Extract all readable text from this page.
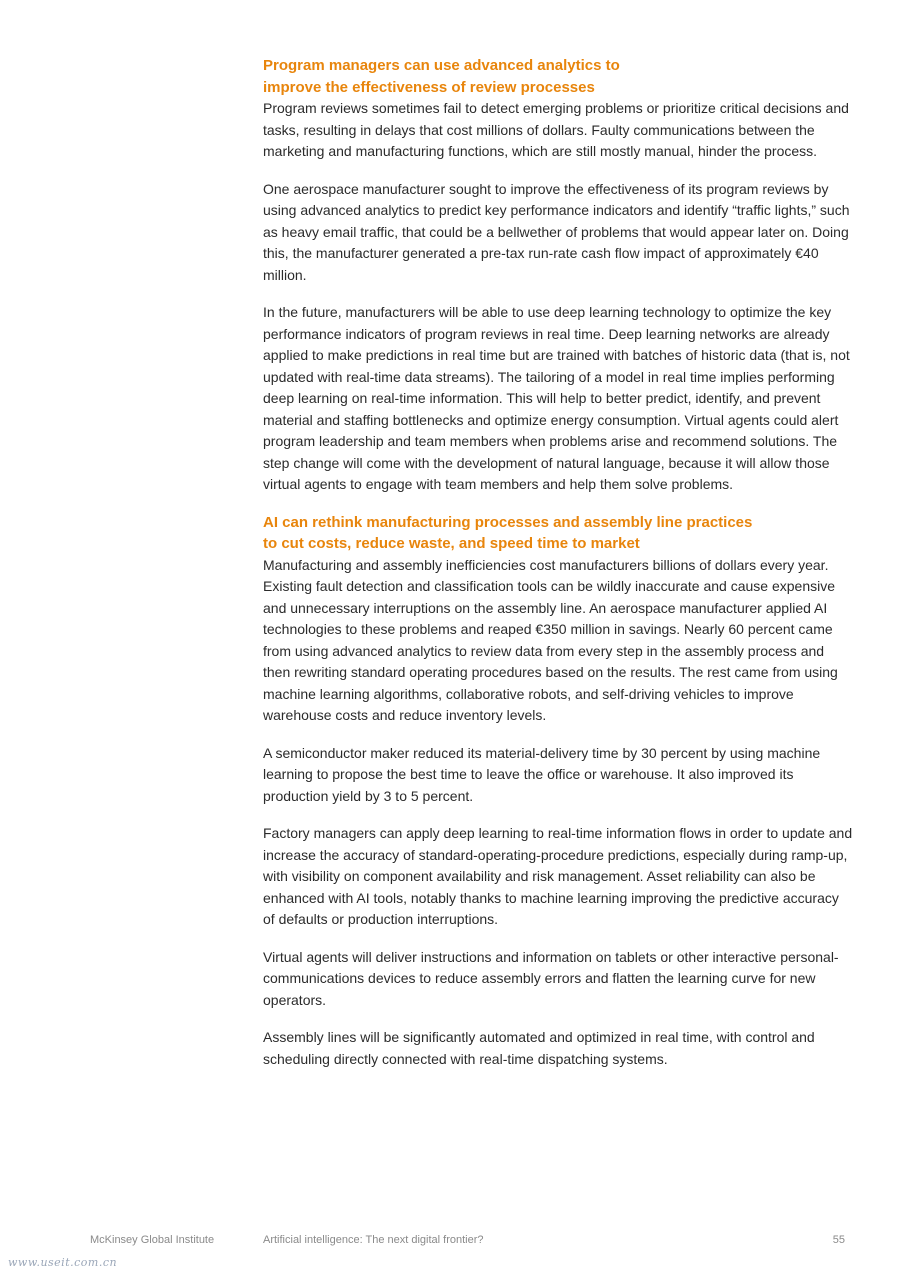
Program managers can use advanced analytics to
improve the effectiveness of review processes

Program reviews sometimes fail to detect emerging problems or prioritize critical decisions and tasks, resulting in delays that cost millions of dollars. Faulty communications between the marketing and manufacturing functions, which are still mostly manual, hinder the process.

One aerospace manufacturer sought to improve the effectiveness of its program reviews by using advanced analytics to predict key performance indicators and identify “traffic lights,” such as heavy email traffic, that could be a bellwether of problems that would appear later on. Doing this, the manufacturer generated a pre-tax run-rate cash flow impact of approximately €40 million.

In the future, manufacturers will be able to use deep learning technology to optimize the key performance indicators of program reviews in real time. Deep learning networks are already applied to make predictions in real time but are trained with batches of historic data (that is, not updated with real-time data streams). The tailoring of a model in real time implies performing deep learning on real-time information. This will help to better predict, identify, and prevent material and staffing bottlenecks and optimize energy consumption. Virtual agents could alert program leadership and team members when problems arise and recommend solutions. The step change will come with the development of natural language, because it will allow those virtual agents to engage with team members and help them solve problems.

AI can rethink manufacturing processes and assembly line practices
to cut costs, reduce waste, and speed time to market

Manufacturing and assembly inefficiencies cost manufacturers billions of dollars every year. Existing fault detection and classification tools can be wildly inaccurate and cause expensive and unnecessary interruptions on the assembly line. An aerospace manufacturer applied AI technologies to these problems and reaped €350 million in savings. Nearly 60 percent came from using advanced analytics to review data from every step in the assembly process and then rewriting standard operating procedures based on the results. The rest came from using machine learning algorithms, collaborative robots, and self-driving vehicles to improve warehouse costs and reduce inventory levels.

A semiconductor maker reduced its material-delivery time by 30 percent by using machine learning to propose the best time to leave the office or warehouse. It also improved its production yield by 3 to 5 percent.

Factory managers can apply deep learning to real-time information flows in order to update and increase the accuracy of standard-operating-procedure predictions, especially during ramp-up, with visibility on component availability and risk management. Asset reliability can also be enhanced with AI tools, notably thanks to machine learning improving the predictive accuracy of defaults or production interruptions.

Virtual agents will deliver instructions and information on tablets or other interactive personal-communications devices to reduce assembly errors and flatten the learning curve for new operators.

Assembly lines will be significantly automated and optimized in real time, with control and scheduling directly connected with real-time dispatching systems.

McKinsey Global Institute	Artificial intelligence: The next digital frontier?	55
www.useit.com.cn
